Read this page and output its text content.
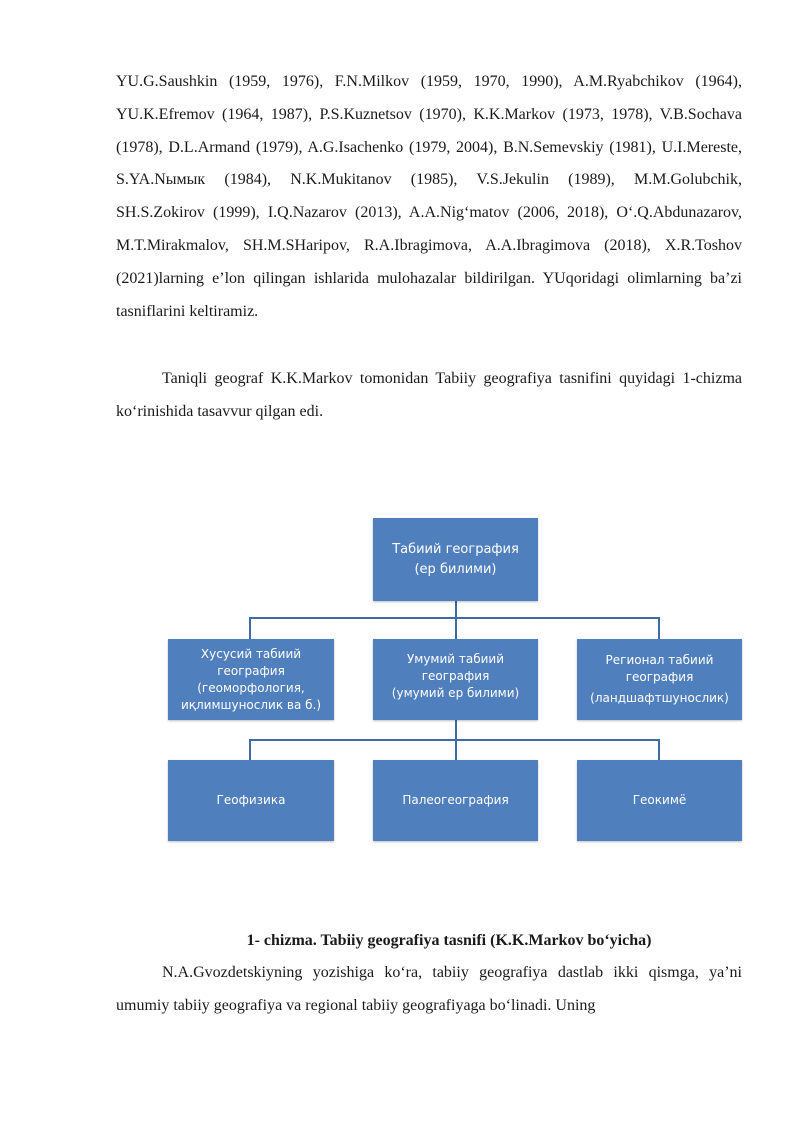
YU.G.Saushkin (1959, 1976), F.N.Milkov (1959, 1970, 1990), A.M.Ryabchikov (1964), YU.K.Efremov (1964, 1987), P.S.Kuznetsov (1970), K.K.Markov (1973, 1978), V.B.Sochava (1978), D.L.Armand (1979), A.G.Isachenko (1979, 2004), B.N.Semevskiy (1981), U.I.Mereste, S.YA.Nымык (1984), N.K.Mukitanov (1985), V.S.Jekulin (1989), M.M.Golubchik, SH.S.Zokirov (1999), I.Q.Nazarov (2013), A.A.Nig‘matov (2006, 2018), O‘.Q.Abdunazarov, M.T.Mirakmalov, SH.M.SHaripov, R.A.Ibragimova, A.A.Ibragimova (2018), X.R.Toshov (2021)larning e’lon qilingan ishlarida mulohazalar bildirilgan. YUqoridagi olimlarning ba’zi tasniflarini keltiramiz.

Taniqli geograf K.K.Markov tomonidan Tabiiy geografiya tasnifini quyidagi 1-chizma ko‘rinishida tasavvur qilgan edi.

Табиий география
(ер билими)
Хусусий табиий география
(геоморфология,
иқлимшунослик ва б.)
Умумий табиий география
(умумий ер билими)
Регионал табиий
география
(ландшафтшунослик)
Геофизика	Палеогеография	Геокимё

1- chizma. Tabiiy geografiya tasnifi (K.K.Markov bo‘yicha)

N.A.Gvozdetskiyning yozishiga ko‘ra, tabiiy geografiya dastlab ikki qismga, ya’ni umumiy tabiiy geografiya va regional tabiiy geografiyaga bo‘linadi. Uning
